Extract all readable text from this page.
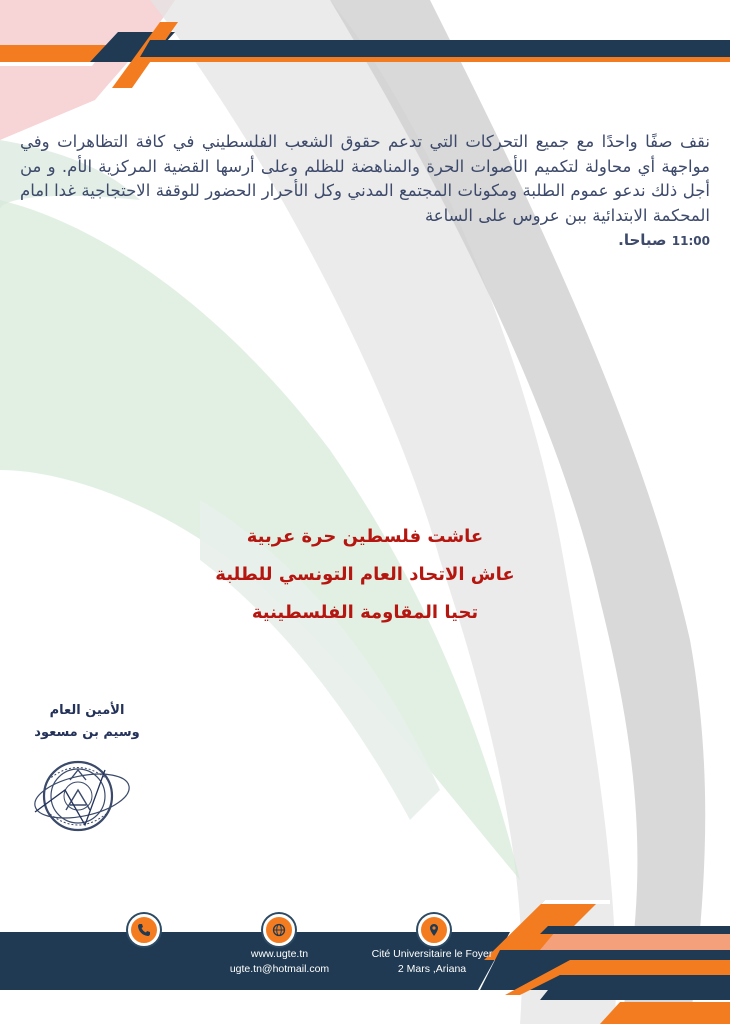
نقف صفًا واحدًا مع جميع التحركات التي تدعم حقوق الشعب الفلسطيني في كافة التظاهرات وفي مواجهة أي محاولة لتكميم الأصوات الحرة والمناهضة للظلم وعلى أرسها القضية المركزية الأم. و من أجل ذلك ندعو عموم الطلبة ومكونات المجتمع المدني وكل الأحرار الحضور للوقفة الاحتجاجية غدا امام المحكمة الابتدائية ببن عروس على الساعة
11:00 صباحا.
عاشت فلسطين حرة عربية
عاش الاتحاد العام التونسي للطلبة
تحيا المقاومة الفلسطينية
الأمين العام
وسيم بن مسعود
www.ugte.tn
ugte.tn@hotmail.com
Cité Universitaire le Foyer
2 Mars ,Ariana
